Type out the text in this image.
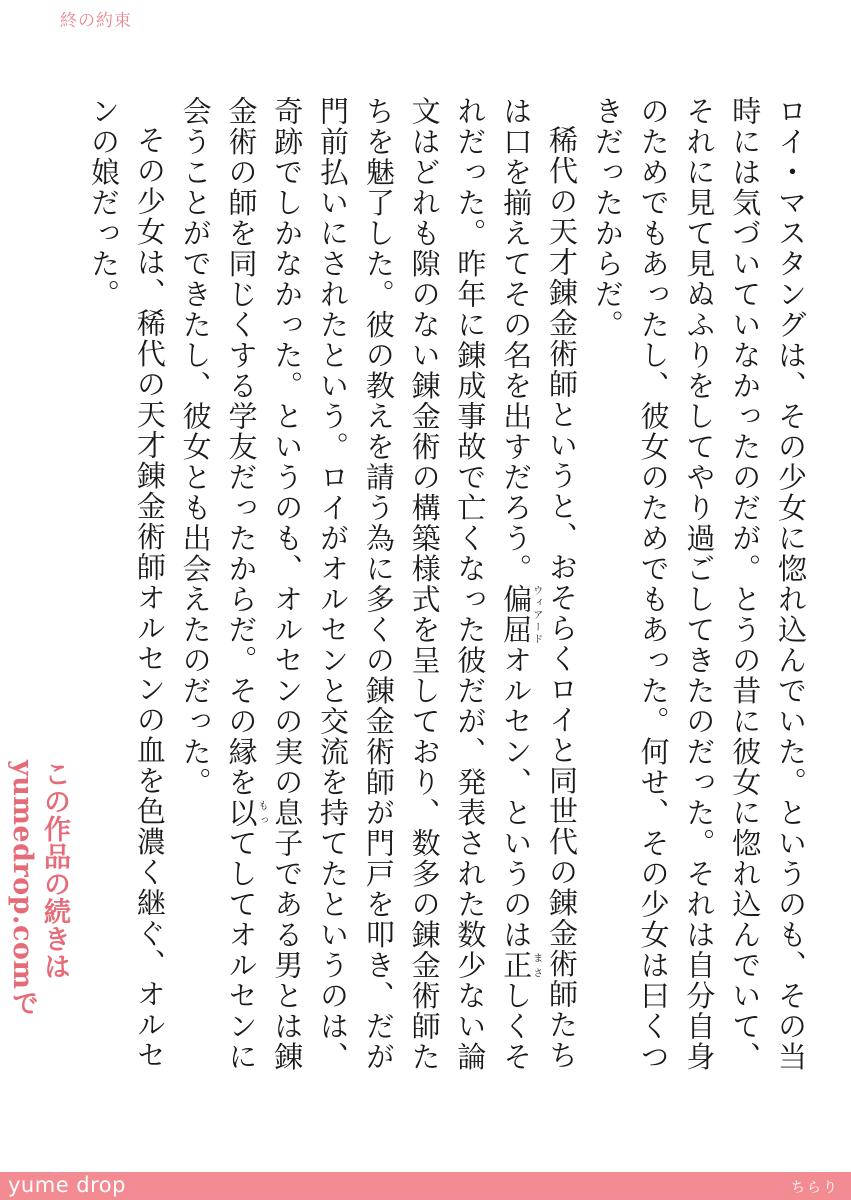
終の約束

ロイ・マスタングは、その少女に惚れ込んでいた。というのも、その当時には気づいていなかったのだが。とうの昔に彼女に惚れ込んでいて、それに見て見ぬふりをしてやり過ごしてきたのだった。それは自分自身のためでもあったし、彼女のためでもあった。何せ、その少女は曰くつきだったからだ。

稀代の天才錬金術師というと、おそらくロイと同世代の錬金術師たちは口を揃えてその名を出すだろう。偏屈ウィアードオルセン、というのは正まさしくそれだった。昨年に錬成事故で亡くなった彼だが、発表された数少ない論文はどれも隙のない錬金術の構築様式を呈しており、数多の錬金術師たちを魅了した。彼の教えを請う為に多くの錬金術師が門戸を叩き、だが門前払いにされたという。ロイがオルセンと交流を持てたというのは、奇跡でしかなかった。というのも、オルセンの実の息子である男とは錬金術の師を同じくする学友だったからだ。その縁を以もってしてオルセンに会うことができたし、彼女とも出会えたのだった。

その少女は、稀代の天才錬金術師オルセンの血を色濃く継ぐ、オルセンの娘だった。

この作品の続きはyumedrop.comで
yume drop	ちらり
